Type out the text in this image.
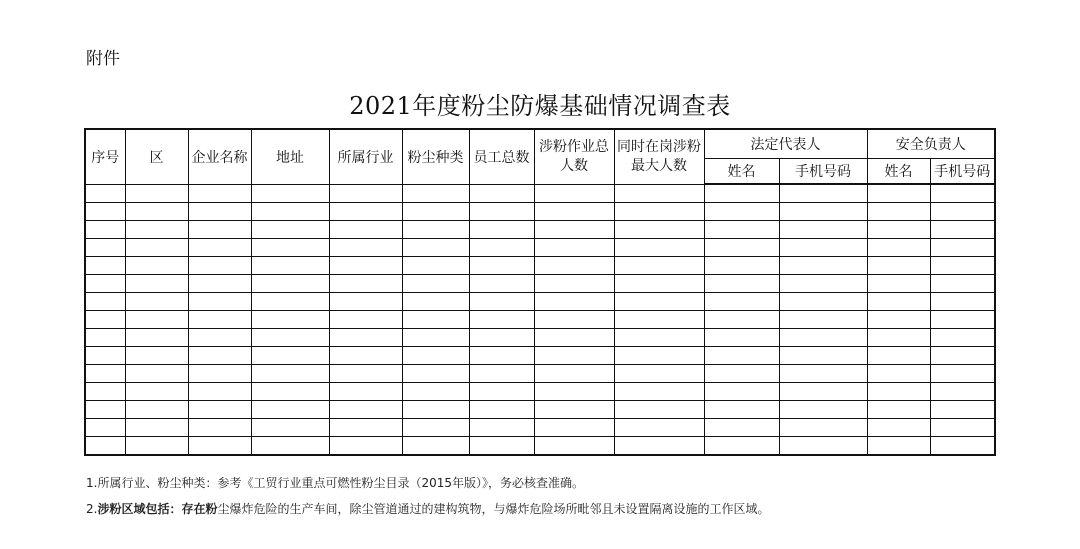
附件
2021年度粉尘防爆基础情况调查表
序号	区	企业名称	地址	所属行业	粉尘种类	员工总数	涉粉作业总人数	同时在岗涉粉最大人数	法定代表人		安全负责人	
									姓名	手机号码	姓名	手机号码

1.所属行业、粉尘种类：参考《工贸行业重点可燃性粉尘目录（2015年版）》，务必核查准确。
2.涉粉区域包括：存在粉尘爆炸危险的生产车间，除尘管道通过的建构筑物，与爆炸危险场所毗邻且未设置隔离设施的工作区域。
